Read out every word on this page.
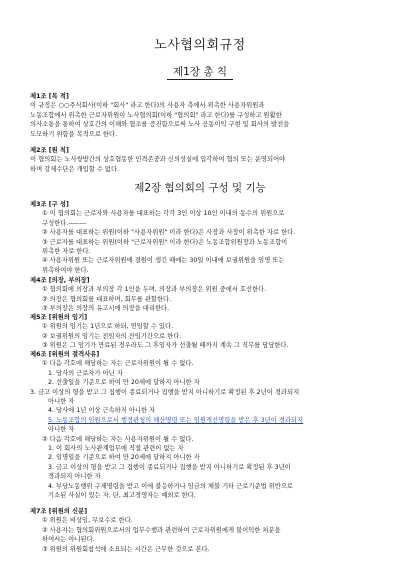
노사협의회규정
제1장 총 칙
제1조 [목 적]
이 규정은 ○○주식회사(이하 "회사" 라고 한다)의 사용자 측에서 위촉한 사용자위원과
노동조합에서 위촉한 근로자위원이 노사협의회(이하 "협의회" 라고 한다)를 구성하고 원활한
의사소통을 통하여 상호간의 이해와 협조를 증진함으로써 노사 공동이익 구현 및 회사의 발전을
도모하기 위함을 목적으로 한다.
제2조 [원 칙]
이 협의회는 노사쌍방간의 상호협동한 인격존중과 신의성실에 입각하여 협의 또는 운영되어야
하며 강제수단은 개입할 수 없다.
제2장 협의회의 구성 및 기능
제3조 [구 성]
① 이 협의회는 근로자와 사용자를 대표하는 각각 3인 이상 10인 이내의 동수의 위원으로
구성한다.--------
② 사용자를 대표하는 위원(이하 "사용자위원" 이라 한다)은 사장과 사장이 위촉한 자로 한다.
③ 근로자를 대표하는 위원(이하 "근로자위원" 이라 한다)은 노동조합위원장과 노동조합이
위촉한 자로 한다.
④ 사용자위원 또는 근로자위원에 결원이 생긴 때에는 30일 이내에 보궐위원을 임명 또는
위촉하여야 한다.
제4조 [의장, 부의장]
① 협의회에 의장과 부의장 각 1인을 두며, 의장과 부의장은 위원 중에서 호선한다.
② 의장은 협의회를 대표하며, 회무를 관할한다.
③ 부의장은 의장의 유고시에 의장을 대리한다.
제5조 [위원의 임기]
① 위원의 임기는 1년으로 하되, 연임할 수 있다.
② 보궐위원의 임기는 전임자의 잔임기간으로 한다.
③ 위원은 그 임기가 만료된 경우라도 그 후임자가 선출될 때까지 계속 그 직무를 담당한다.
제6조 [위원의 결격사유]
① 다음 각호에 해당하는 자는 근로자위원이 될 수 없다.
1. 당사의 근로자가 아닌 자
2. 선출일을 기준으로 하여 만 20세에 달하지 아니한 자
3. 금고 이상의 형을 받고 그 집행이 종료되거나 집행을 받지 아니하기로 확정된 후 2년이 경과되지
아니한 자
4. 당사에 1년 이상 근속하지 아니한 자
5. 노동조합의 임원으로서 행정관청의 해산명령 또는 임원개선명령을 받은 후 3년이 경과되지
아니한 자
② 다음 각호에 해당하는 자는 사용자위원이 될 수 없다.
1. 이 회사의 노사관계업무에 직접 관련이 없는 자
2. 임명일을 기준으로 하여 만 20세에 달하지 아니한 자
3. 금고 이상의 형을 받고 그 집행이 종료되거나 집행을 받지 아니하기로 확정된 후 3년이
경과되지 아니한 자
4. 부당노동행위 구제명령을 받고 이에 불응하거나 임금의 체불 기타 근로기준법 위반으로
기소된 사실이 있는 자. 단, 최고경영자는 예외로 한다.
제7조 [위원의 신분]
① 위원은 비상임, 무보수로 한다.
② 사용자는 협의회위원으로서의 업무수행과 관련하여 근로자위원에게 불이익한 처분을
하여서는 아니된다.
③ 위원의 위원회참석에 소요되는 시간은 근무한 것으로 본다.
